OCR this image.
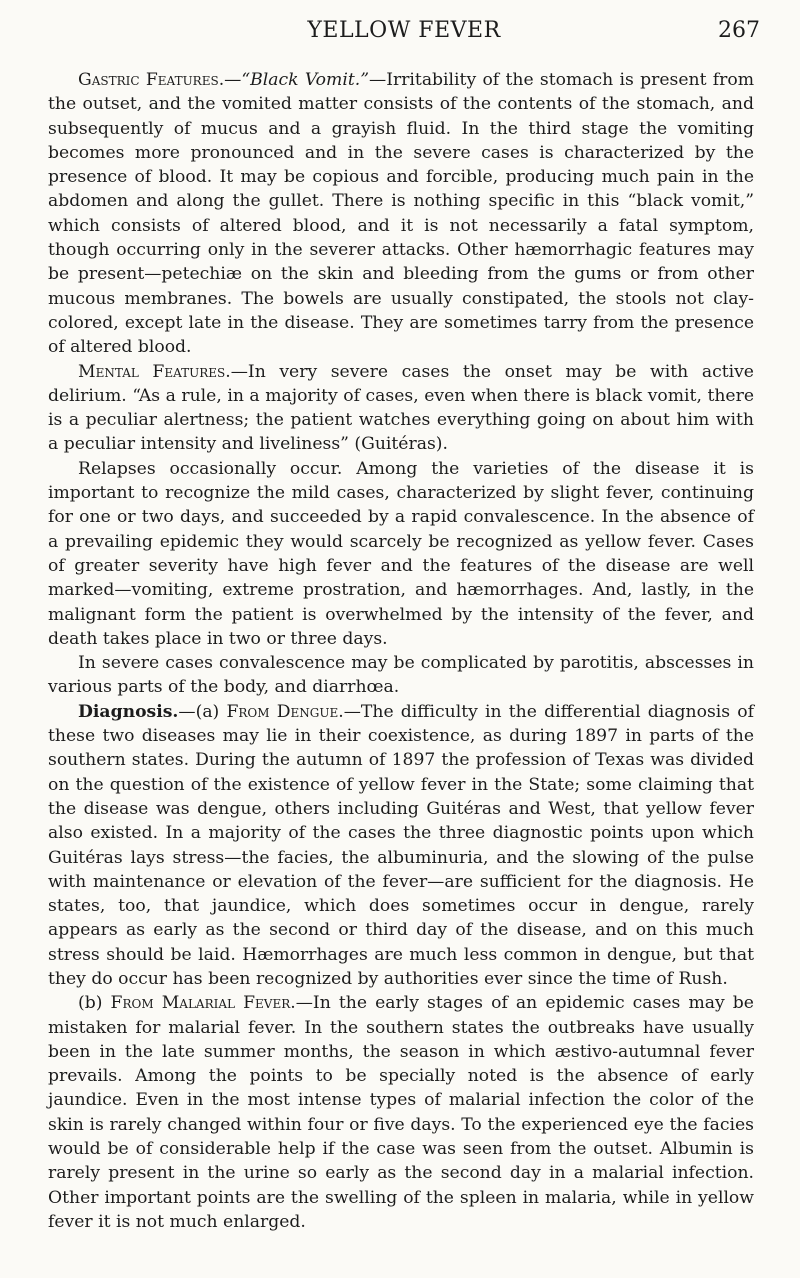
YELLOW FEVER	267

Gastric Features.—“Black Vomit.”—Irritability of the stomach is present from the outset, and the vomited matter consists of the contents of the stomach, and subsequently of mucus and a grayish fluid. In the third stage the vomiting becomes more pronounced and in the severe cases is characterized by the presence of blood. It may be copious and forcible, producing much pain in the abdomen and along the gullet. There is nothing specific in this “black vomit,” which consists of altered blood, and it is not necessarily a fatal symptom, though occurring only in the severer attacks. Other hæmorrhagic features may be present—petechiæ on the skin and bleeding from the gums or from other mucous membranes. The bowels are usually constipated, the stools not clay-colored, except late in the disease. They are sometimes tarry from the presence of altered blood.

Mental Features.—In very severe cases the onset may be with active delirium. “As a rule, in a majority of cases, even when there is black vomit, there is a peculiar alertness; the patient watches everything going on about him with a peculiar intensity and liveliness” (Guitéras).

Relapses occasionally occur. Among the varieties of the disease it is important to recognize the mild cases, characterized by slight fever, continuing for one or two days, and succeeded by a rapid convalescence. In the absence of a prevailing epidemic they would scarcely be recognized as yellow fever. Cases of greater severity have high fever and the features of the disease are well marked—vomiting, extreme prostration, and hæmorrhages. And, lastly, in the malignant form the patient is overwhelmed by the intensity of the fever, and death takes place in two or three days.

In severe cases convalescence may be complicated by parotitis, abscesses in various parts of the body, and diarrhœa.

Diagnosis.—(a) From Dengue.—The difficulty in the differential diagnosis of these two diseases may lie in their coexistence, as during 1897 in parts of the southern states. During the autumn of 1897 the profession of Texas was divided on the question of the existence of yellow fever in the State; some claiming that the disease was dengue, others including Guitéras and West, that yellow fever also existed. In a majority of the cases the three diagnostic points upon which Guitéras lays stress—the facies, the albuminuria, and the slowing of the pulse with maintenance or elevation of the fever—are sufficient for the diagnosis. He states, too, that jaundice, which does sometimes occur in dengue, rarely appears as early as the second or third day of the disease, and on this much stress should be laid. Hæmorrhages are much less common in dengue, but that they do occur has been recognized by authorities ever since the time of Rush.

(b) From Malarial Fever.—In the early stages of an epidemic cases may be mistaken for malarial fever. In the southern states the outbreaks have usually been in the late summer months, the season in which æstivo-autumnal fever prevails. Among the points to be specially noted is the absence of early jaundice. Even in the most intense types of malarial infection the color of the skin is rarely changed within four or five days. To the experienced eye the facies would be of considerable help if the case was seen from the outset. Albumin is rarely present in the urine so early as the second day in a malarial infection. Other important points are the swelling of the spleen in malaria, while in yellow fever it is not much enlarged.
